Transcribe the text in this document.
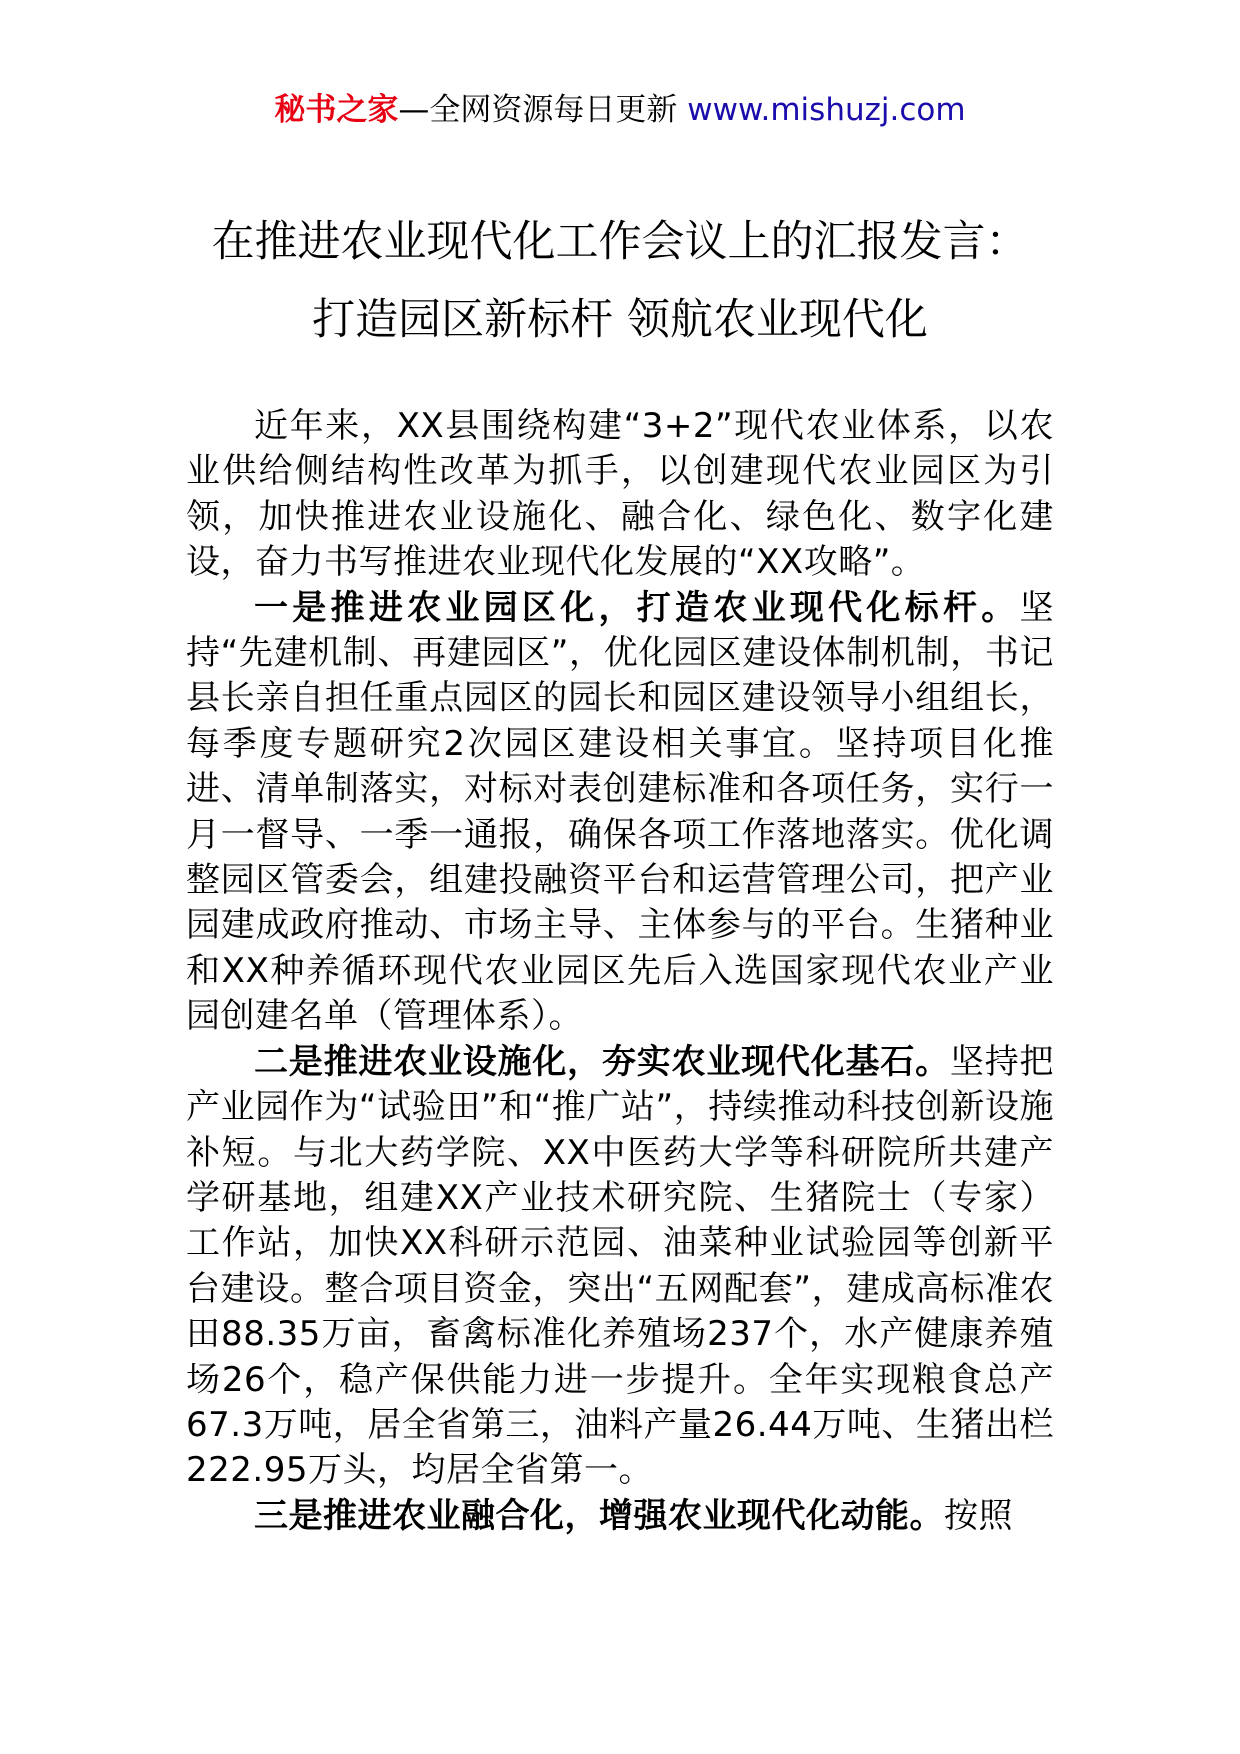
秘书之家—全网资源每日更新 www.mishuzj.com
在推进农业现代化工作会议上的汇报发言：
打造园区新标杆 领航农业现代化

近年来，XX县围绕构建“3+2”现代农业体系，以农业供给侧结构性改革为抓手，以创建现代农业园区为引领，加快推进农业设施化、融合化、绿色化、数字化建设，奋力书写推进农业现代化发展的“XX攻略”。

一是推进农业园区化，打造农业现代化标杆。坚持“先建机制、再建园区”，优化园区建设体制机制，书记县长亲自担任重点园区的园长和园区建设领导小组组长，每季度专题研究2次园区建设相关事宜。坚持项目化推进、清单制落实，对标对表创建标准和各项任务，实行一月一督导、一季一通报，确保各项工作落地落实。优化调整园区管委会，组建投融资平台和运营管理公司，把产业园建成政府推动、市场主导、主体参与的平台。生猪种业和XX种养循环现代农业园区先后入选国家现代农业产业园创建名单（管理体系）。

二是推进农业设施化，夯实农业现代化基石。坚持把产业园作为“试验田”和“推广站”，持续推动科技创新设施补短。与北大药学院、XX中医药大学等科研院所共建产学研基地，组建XX产业技术研究院、生猪院士（专家）工作站，加快XX科研示范园、油菜种业试验园等创新平台建设。整合项目资金，突出“五网配套”，建成高标准农田88.35万亩，畜禽标准化养殖场237个，水产健康养殖场26个，稳产保供能力进一步提升。全年实现粮食总产67.3万吨，居全省第三，油料产量26.44万吨、生猪出栏222.95万头，均居全省第一。

三是推进农业融合化，增强农业现代化动能。按照
